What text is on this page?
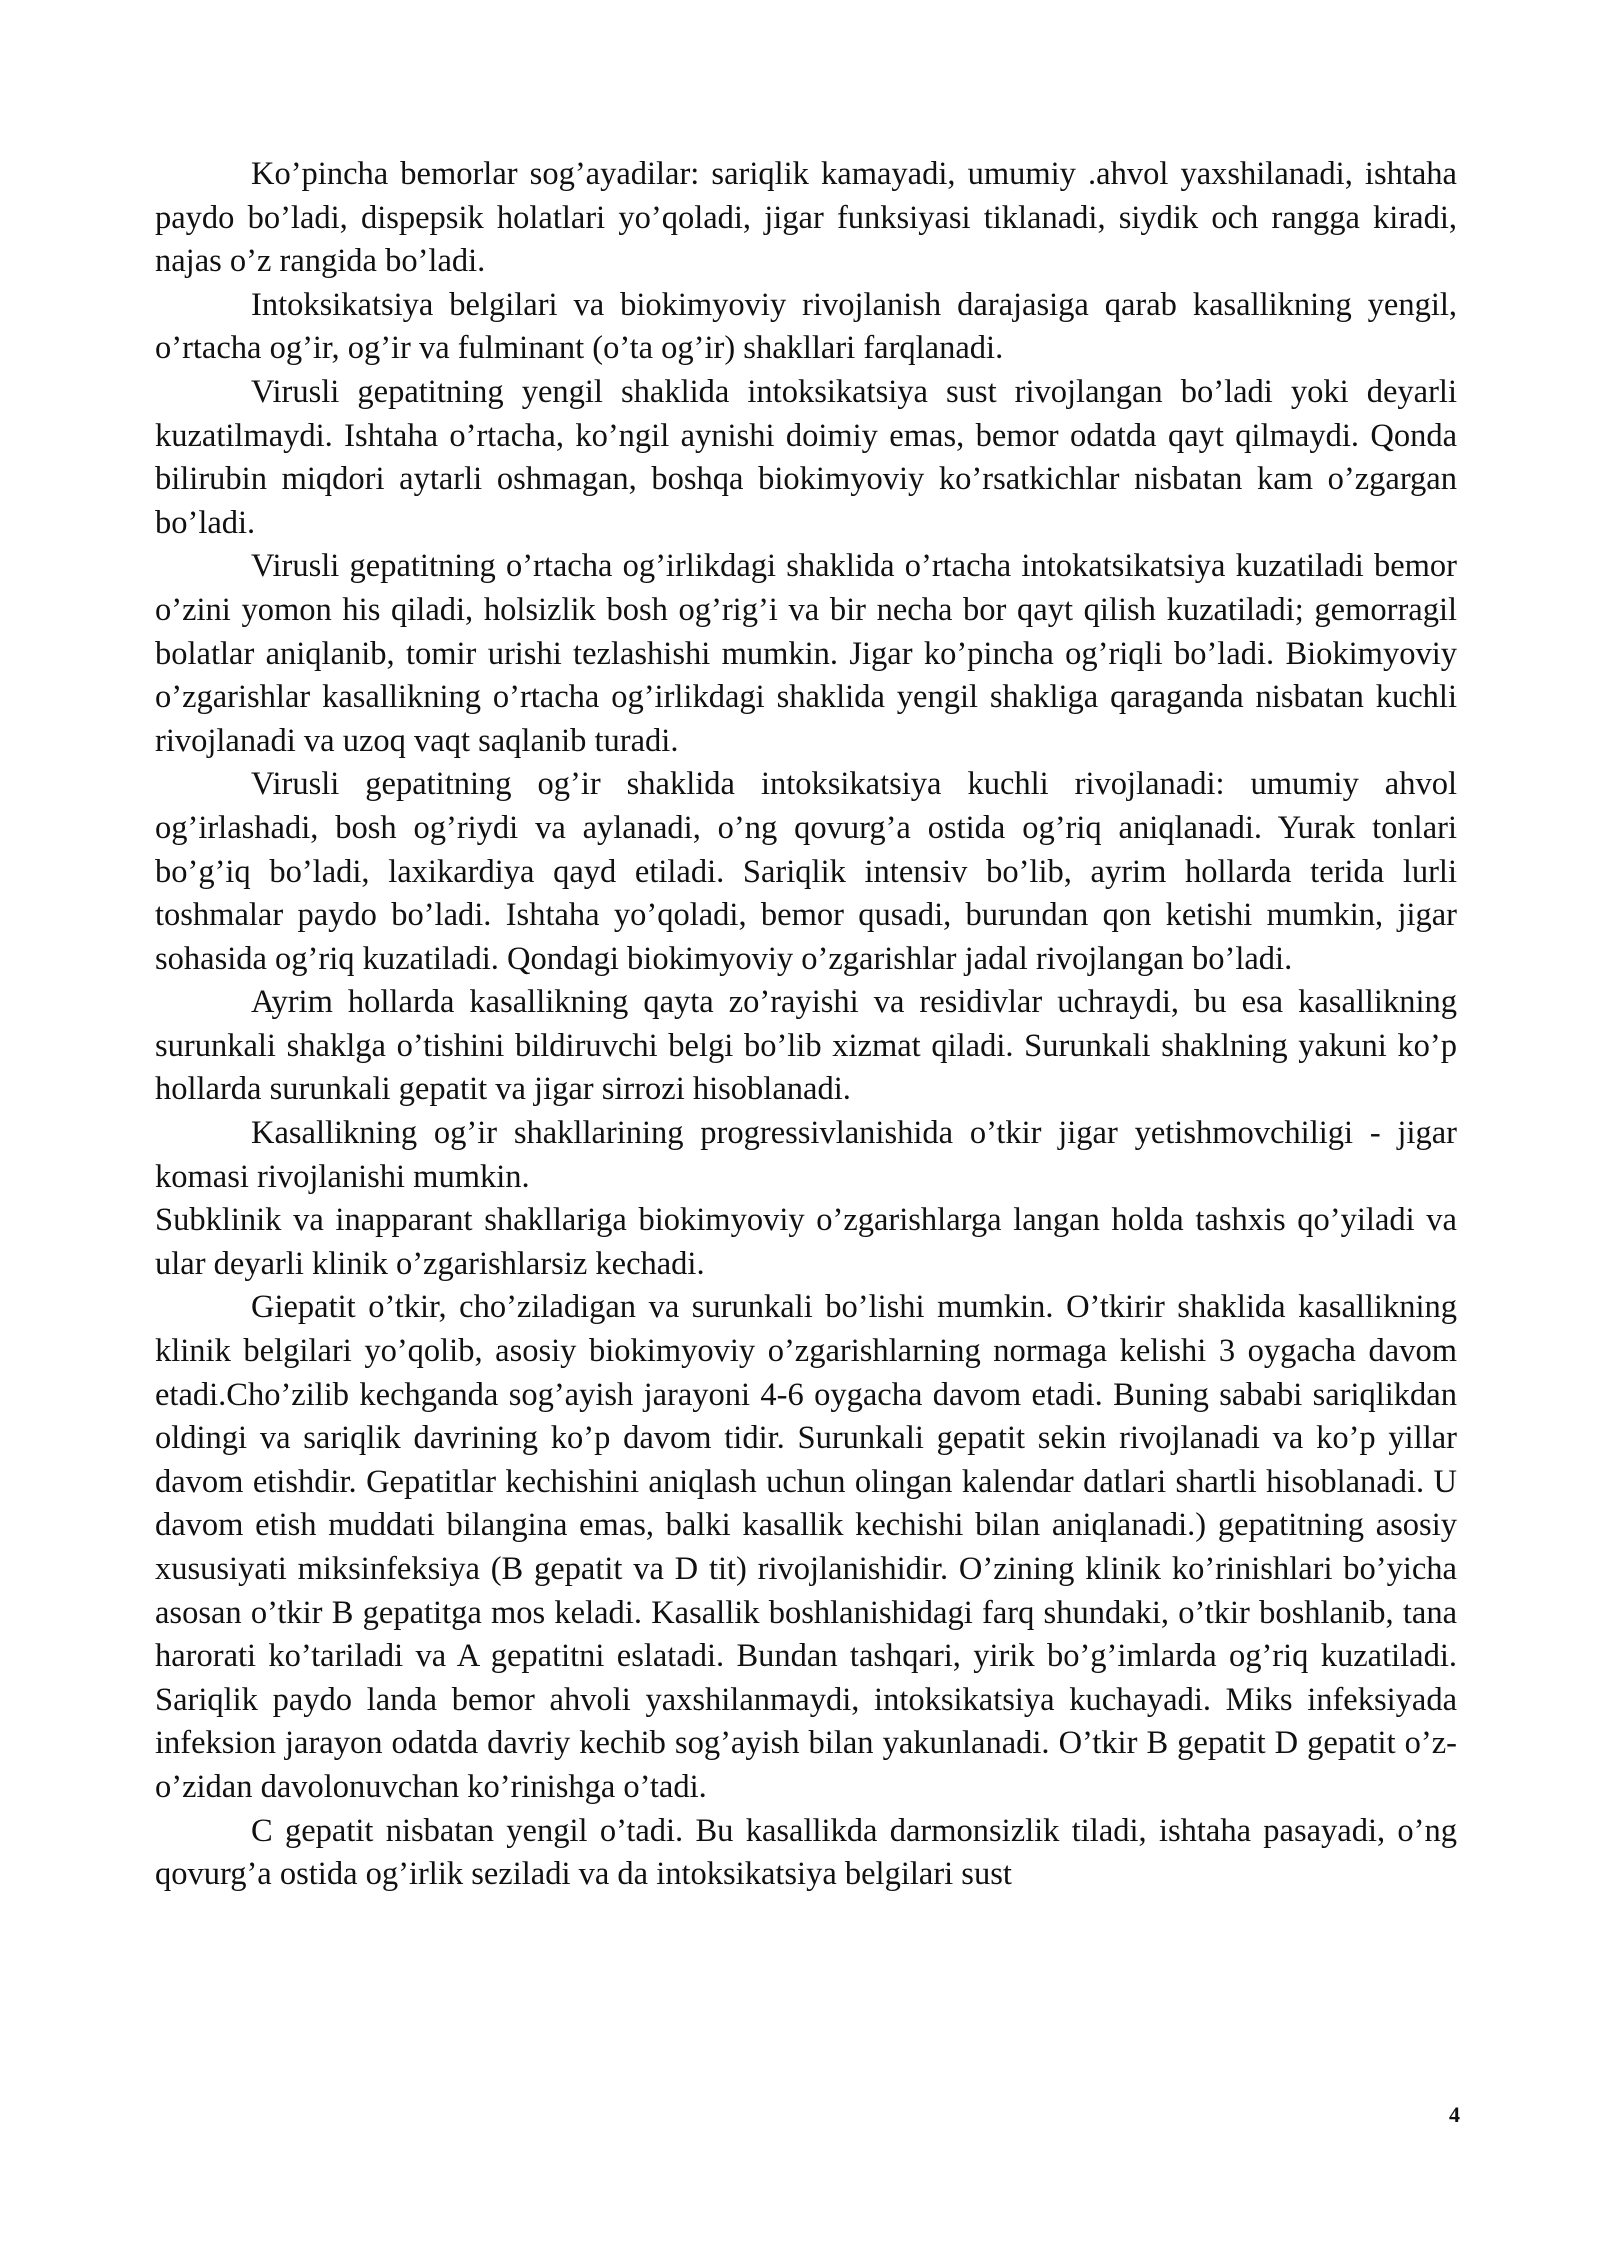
Ko’pincha bemorlar sog’ayadilar: sariqlik kamayadi, umumiy .ahvol yaxshilanadi, ishtaha paydo bo’ladi, dispepsik holatlari yo’qoladi, jigar funksiyasi tiklanadi, siydik och rangga kiradi, najas o’z rangida bo’ladi.

Intoksikatsiya belgilari va biokimyoviy rivojlanish darajasiga qarab kasallikning yengil, o’rtacha og’ir, og’ir va fulminant (o’ta og’ir) shakllari farqlanadi.

Virusli gepatitning yengil shaklida intoksikatsiya sust rivojlangan bo’ladi yoki deyarli kuzatilmaydi. Ishtaha o’rtacha, ko’ngil aynishi doimiy emas, bemor odatda qayt qilmaydi. Qonda bilirubin miqdori aytarli oshmagan, boshqa biokimyoviy ko’rsatkichlar nisbatan kam o’zgargan bo’ladi.

Virusli gepatitning o’rtacha og’irlikdagi shaklida o’rtacha intokatsikatsiya kuzatiladi bemor o’zini yomon his qiladi, holsizlik bosh og’rig’i va bir necha bor qayt qilish kuzatiladi; gemorragil bolatlar aniqlanib, tomir urishi tezlashishi mumkin. Jigar ko’pincha og’riqli bo’ladi. Biokimyoviy o’zgarishlar kasallikning o’rtacha og’irlikdagi shaklida yengil shakliga qaraganda nisbatan kuchli rivojlanadi va uzoq vaqt saqlanib turadi.

Virusli gepatitning og’ir shaklida intoksikatsiya kuchli rivojlanadi: umumiy ahvol og’irlashadi, bosh og’riydi va aylanadi, o’ng qovurg’a ostida og’riq aniqlanadi. Yurak tonlari bo’g’iq bo’ladi, laxikardiya qayd etiladi. Sariqlik intensiv bo’lib, ayrim hollarda terida lurli toshmalar paydo bo’ladi. Ishtaha yo’qoladi, bemor qusadi, burundan qon ketishi mumkin, jigar sohasida og’riq kuzatiladi. Qondagi biokimyoviy o’zgarishlar jadal rivojlangan bo’ladi.

Ayrim hollarda kasallikning qayta zo’rayishi va residivlar uchraydi, bu esa kasallikning surunkali shaklga o’tishini bildiruvchi belgi bo’lib xizmat qiladi. Surunkali shaklning yakuni ko’p hollarda surunkali gepatit va jigar sirrozi hisoblanadi.

Kasallikning og’ir shakllarining progressivlanishida o’tkir jigar yetishmovchiligi - jigar komasi rivojlanishi mumkin.

Subklinik va inapparant shakllariga biokimyoviy o’zgarishlarga langan holda tashxis qo’yiladi va ular deyarli klinik o’zgarishlarsiz kechadi.

Giepatit o’tkir, cho’ziladigan va surunkali bo’lishi mumkin. O’tkirir shaklida kasallikning klinik belgilari yo’qolib, asosiy biokimyoviy o’zgarishlarning normaga kelishi 3 oygacha davom etadi.Cho’zilib kechganda sog’ayish jarayoni 4-6 oygacha davom etadi. Buning sababi sariqlikdan oldingi va sariqlik davrining ko’p davom tidir. Surunkali gepatit sekin rivojlanadi va ko’p yillar davom etishdir. Gepatitlar kechishini aniqlash uchun olingan kalendar datlari shartli hisoblanadi. U davom etish muddati bilangina emas, balki kasallik kechishi bilan aniqlanadi.) gepatitning asosiy xususiyati miksinfeksiya (B gepatit va D tit) rivojlanishidir. O’zining klinik ko’rinishlari bo’yicha asosan o’tkir B gepatitga mos keladi. Kasallik boshlanishidagi farq shundaki, o’tkir boshlanib, tana harorati ko’tariladi va A gepatitni eslatadi. Bundan tashqari, yirik bo’g’imlarda og’riq kuzatiladi. Sariqlik paydo landa bemor ahvoli yaxshilanmaydi, intoksikatsiya kuchayadi. Miks infeksiyada infeksion jarayon odatda davriy kechib sog’ayish bilan yakunlanadi. O’tkir B gepatit D gepatit o’z-o’zidan davolonuvchan ko’rinishga o’tadi.

C gepatit nisbatan yengil o’tadi. Bu kasallikda darmonsizlik tiladi, ishtaha pasayadi, o’ng qovurg’a ostida og’irlik seziladi va da intoksikatsiya belgilari sust

4
